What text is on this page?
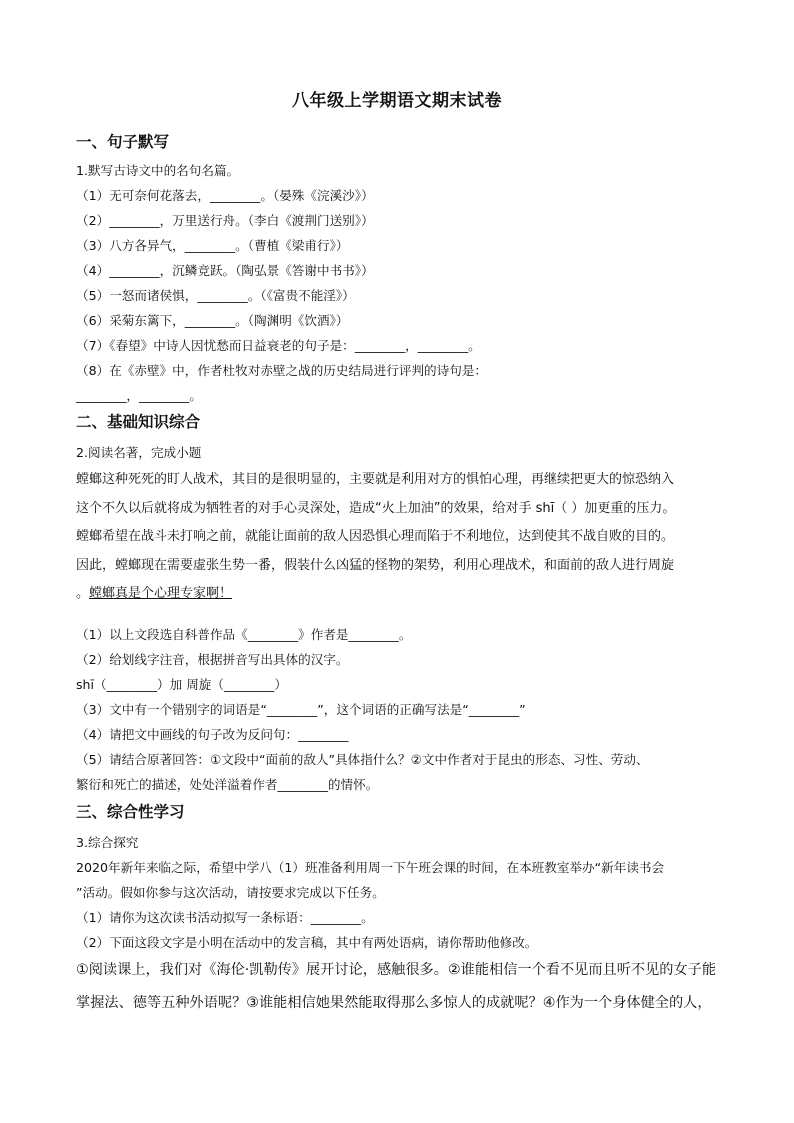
八年级上学期语文期末试卷
一、句子默写
1.默写古诗文中的名句名篇。
（1）无可奈何花落去，________。（晏殊《浣溪沙》）
（2）________，万里送行舟。（李白《渡荆门送别》）
（3）八方各异气，________。（曹植《梁甫行》）
（4）________，沉鳞竞跃。（陶弘景《答谢中书书》）
（5）一怒而诸侯惧，________。（《富贵不能淫》）
（6）采菊东篱下，________。（陶渊明《饮酒》）
（7）《春望》中诗人因忧愁而日益衰老的句子是：________，________。
（8）在《赤壁》中，作者杜牧对赤壁之战的历史结局进行评判的诗句是：
________，________。
二、基础知识综合
2.阅读名著，完成小题
螳螂这种死死的盯人战术，其目的是很明显的，主要就是利用对方的惧怕心理，再继续把更大的惊恐纳入
这个不久以后就将成为牺牲者的对手心灵深处，造成“火上加油”的效果，给对手 shī（ ）加更重的压力。
螳螂希望在战斗未打响之前，就能让面前的敌人因恐惧心理而陷于不利地位，达到使其不战自败的目的。
因此，螳螂现在需要虚张生势一番，假装什么凶猛的怪物的架势，利用心理战术，和面前的敌人进行周旋
。螳螂真是个心理专家啊！
（1）以上文段选自科普作品《________》作者是________。
（2）给划线字注音，根据拼音写出具体的汉字。
shī（________）加 周旋（________）
（3）文中有一个错别字的词语是“________”，这个词语的正确写法是“________”
（4）请把文中画线的句子改为反问句：________
（5）请结合原著回答：①文段中“面前的敌人”具体指什么？②文中作者对于昆虫的形态、习性、劳动、
繁衍和死亡的描述，处处洋溢着作者________的情怀。
三、综合性学习
3.综合探究
2020年新年来临之际，希望中学八（1）班准备利用周一下午班会课的时间，在本班教室举办“新年读书会
”活动。假如你参与这次活动，请按要求完成以下任务。
（1）请你为这次读书活动拟写一条标语：________。
（2）下面这段文字是小明在活动中的发言稿，其中有两处语病，请你帮助他修改。
①阅读课上，我们对《海伦·凯勒传》展开讨论，感触很多。②谁能相信一个看不见而且听不见的女子能
掌握法、德等五种外语呢？③谁能相信她果然能取得那么多惊人的成就呢？④作为一个身体健全的人，
